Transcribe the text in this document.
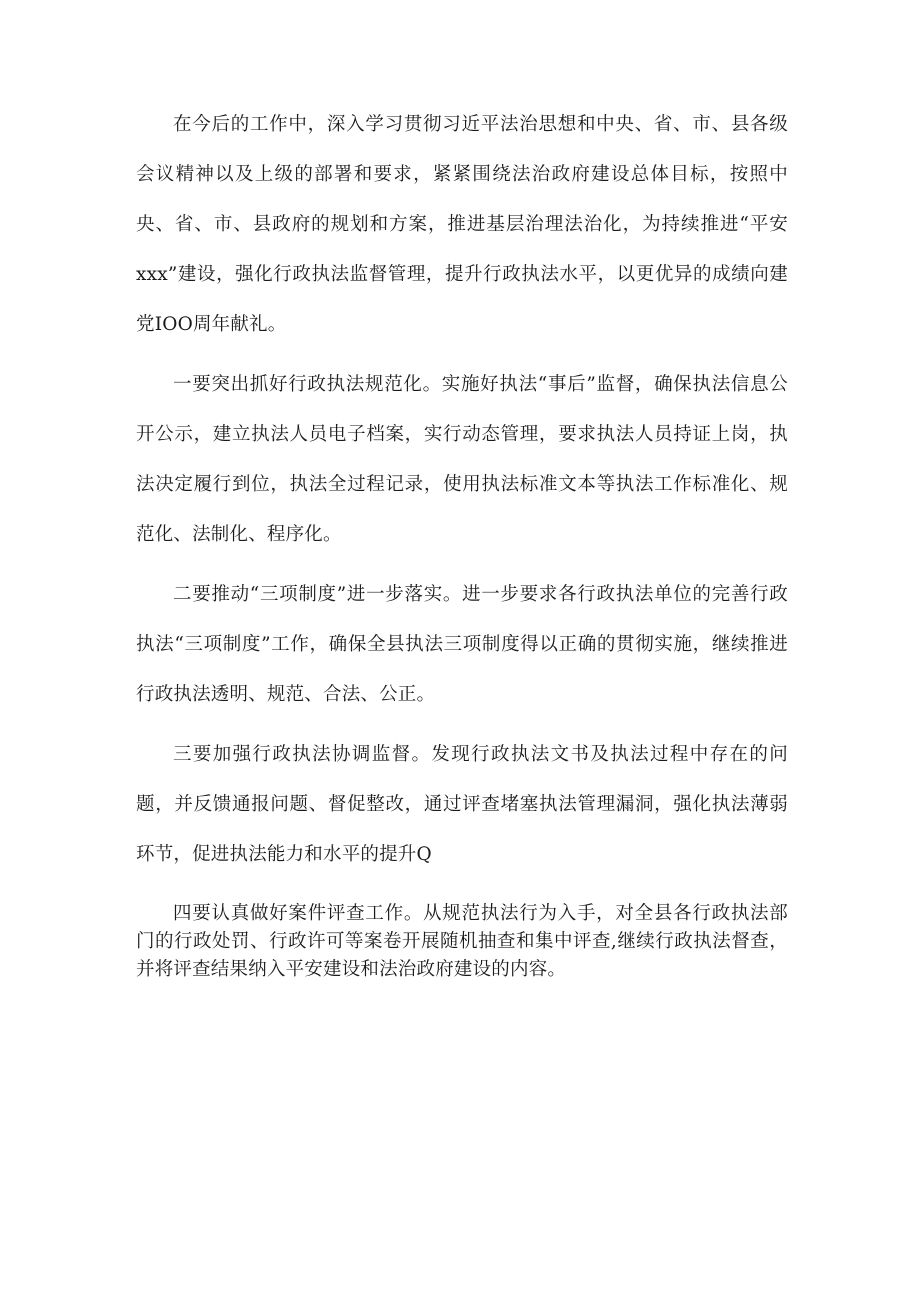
在今后的工作中，深入学习贯彻习近平法治思想和中央、省、市、县各级会议精神以及上级的部署和要求，紧紧围绕法治政府建设总体目标，按照中央、省、市、县政府的规划和方案，推进基层治理法治化，为持续推进“平安xxx”建设，强化行政执法监督管理，提升行政执法水平，以更优异的成绩向建党IOO周年献礼。

一要突出抓好行政执法规范化。实施好执法“事后”监督，确保执法信息公开公示，建立执法人员电子档案，实行动态管理，要求执法人员持证上岗，执法决定履行到位，执法全过程记录，使用执法标准文本等执法工作标准化、规范化、法制化、程序化。

二要推动“三项制度”进一步落实。进一步要求各行政执法单位的完善行政执法“三项制度”工作，确保全县执法三项制度得以正确的贯彻实施，继续推进行政执法透明、规范、合法、公正。

三要加强行政执法协调监督。发现行政执法文书及执法过程中存在的问题，并反馈通报问题、督促整改，通过评查堵塞执法管理漏洞，强化执法薄弱环节，促进执法能力和水平的提升Q

四要认真做好案件评查工作。从规范执法行为入手，对全县各行政执法部门的行政处罚、行政许可等案卷开展随机抽查和集中评查,继续行政执法督查，并将评查结果纳入平安建设和法治政府建设的内容。
